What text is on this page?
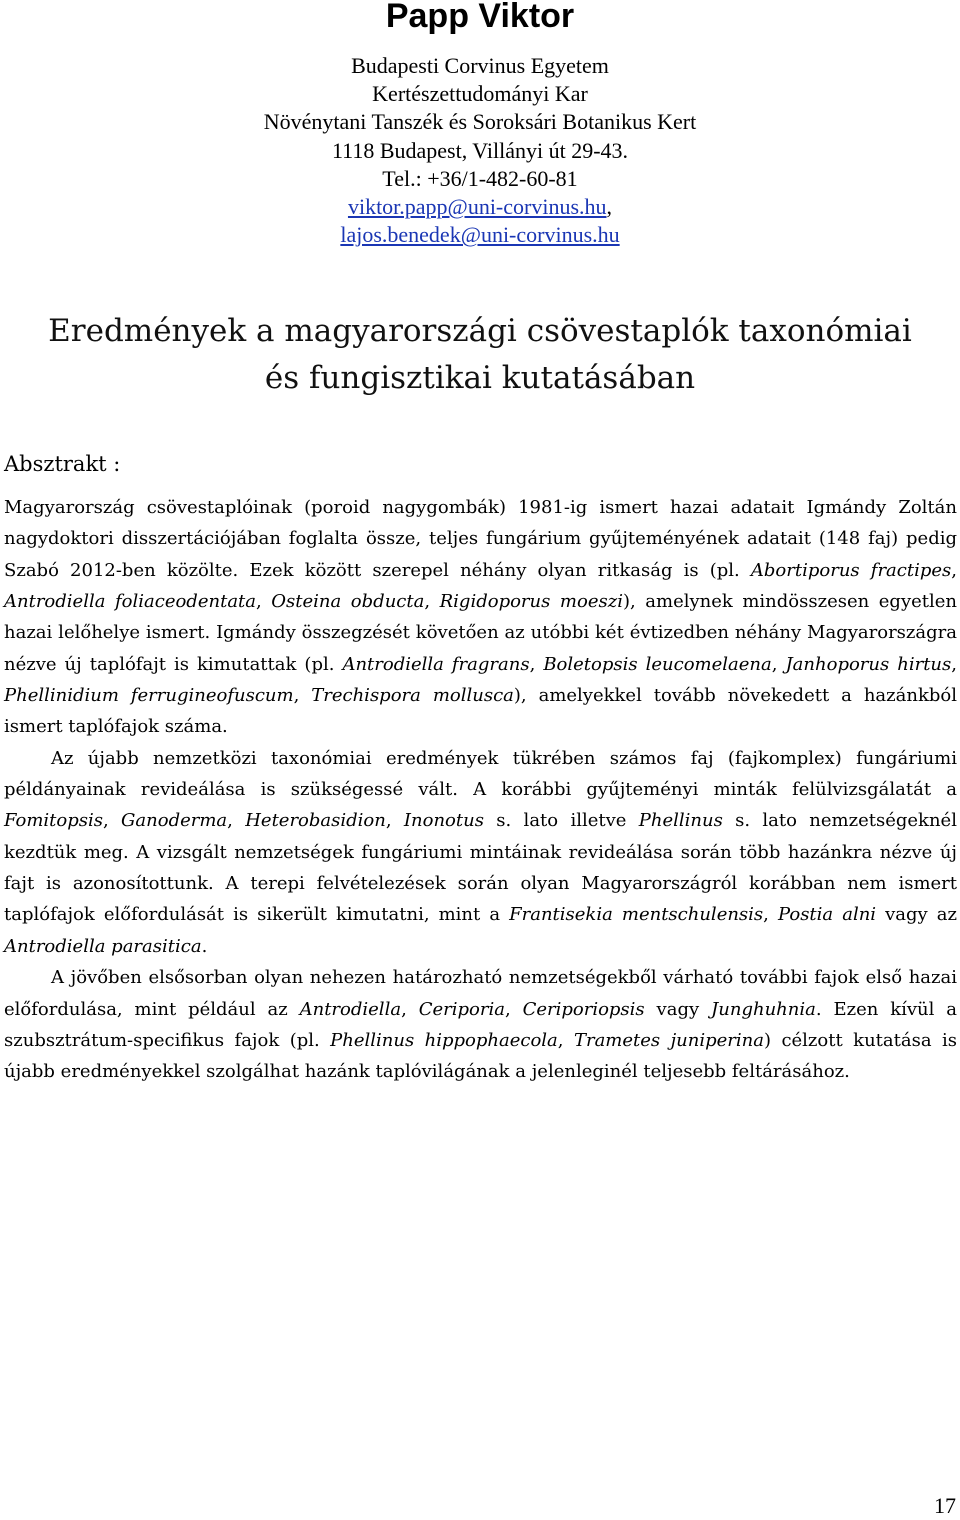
Papp Viktor
Budapesti Corvinus Egyetem
Kertészettudományi Kar
Növénytani Tanszék és Soroksári Botanikus Kert
1118 Budapest, Villányi út 29-43.
Tel.: +36/1-482-60-81
viktor.papp@uni-corvinus.hu,
lajos.benedek@uni-corvinus.hu
Eredmények a magyarországi csövestaplók taxonómiai
és fungisztikai kutatásában
Absztrakt :

Magyarország csövestaplóinak (poroid nagygombák) 1981-ig ismert hazai adatait Igmándy Zoltán nagydoktori disszertációjában foglalta össze, teljes fungárium gyűjteményének adatait (148 faj) pedig Szabó 2012-ben közölte. Ezek között szerepel néhány olyan ritkaság is (pl. Abortiporus fractipes, Antrodiella foliaceodentata, Osteina obducta, Rigidoporus moeszi), amelynek mindösszesen egyetlen hazai lelőhelye ismert. Igmándy összegzését követően az utóbbi két évtizedben néhány Magyarországra nézve új taplófajt is kimutattak (pl. Antrodiella fragrans, Boletopsis leucomelaena, Janhoporus hirtus, Phellinidium ferrugineofuscum, Trechispora mollusca), amelyekkel tovább növekedett a hazánkból ismert taplófajok száma.

Az újabb nemzetközi taxonómiai eredmények tükrében számos faj (fajkomplex) fungáriumi példányainak revideálása is szükségessé vált. A korábbi gyűjteményi minták felülvizsgálatát a Fomitopsis, Ganoderma, Heterobasidion, Inonotus s. lato illetve Phellinus s. lato nemzetségeknél kezdtük meg. A vizsgált nemzetségek fungáriumi mintáinak revideálása során több hazánkra nézve új fajt is azonosítottunk. A terepi felvételezések során olyan Magyarországról korábban nem ismert taplófajok előfordulását is sikerült kimutatni, mint a Frantisekia mentschulensis, Postia alni vagy az Antrodiella parasitica.

A jövőben elsősorban olyan nehezen határozható nemzetségekből várható további fajok első hazai előfordulása, mint például az Antrodiella, Ceriporia, Ceriporiopsis vagy Junghuhnia. Ezen kívül a szubsztrátum-specifikus fajok (pl. Phellinus hippophaecola, Trametes juniperina) célzott kutatása is újabb eredményekkel szolgálhat hazánk taplóvilágának a jelenleginél teljesebb feltárásához.

17
